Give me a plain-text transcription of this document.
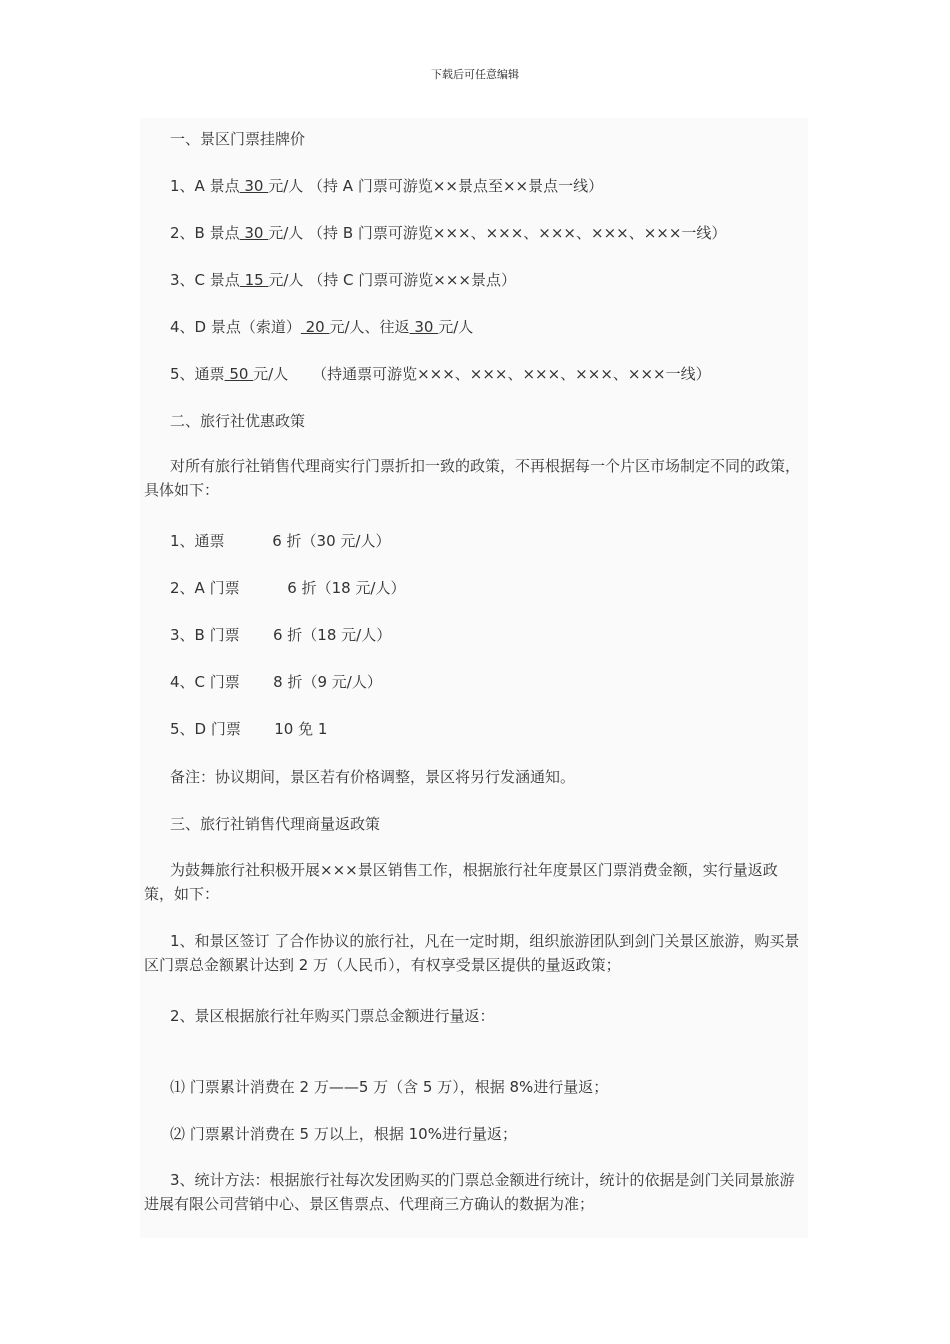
下载后可任意编辑
一、景区门票挂牌价
1、A 景点 30 元/人 （持 A 门票可游览××景点至××景点一线）
2、B 景点 30 元/人 （持 B 门票可游览×××、×××、×××、×××、×××一线）
3、C 景点 15 元/人 （持 C 门票可游览×××景点）
4、D 景点（索道） 20 元/人、往返 30 元/人
5、通票 50 元/人     （持通票可游览×××、×××、×××、×××、×××一线）
二、旅行社优惠政策
对所有旅行社销售代理商实行门票折扣一致的政策，不再根据每一个片区市场制定不同的政策，具体如下：
1、通票          6 折（30 元/人）
2、A 门票          6 折（18 元/人）
3、B 门票       6 折（18 元/人）
4、C 门票       8 折（9 元/人）
5、D 门票       10 免 1
备注：协议期间，景区若有价格调整，景区将另行发涵通知。
三、旅行社销售代理商量返政策
为鼓舞旅行社积极开展×××景区销售工作，根据旅行社年度景区门票消费金额，实行量返政策，如下：
1、和景区签订 了合作协议的旅行社，凡在一定时期，组织旅游团队到剑门关景区旅游，购买景区门票总金额累计达到 2 万（人民币），有权享受景区提供的量返政策；
2、景区根据旅行社年购买门票总金额进行量返：
⑴ 门票累计消费在 2 万——5 万（含 5 万），根据 8%进行量返；
⑵ 门票累计消费在 5 万以上，根据 10%进行量返；
3、统计方法：根据旅行社每次发团购买的门票总金额进行统计，统计的依据是剑门关同景旅游进展有限公司营销中心、景区售票点、代理商三方确认的数据为准；
